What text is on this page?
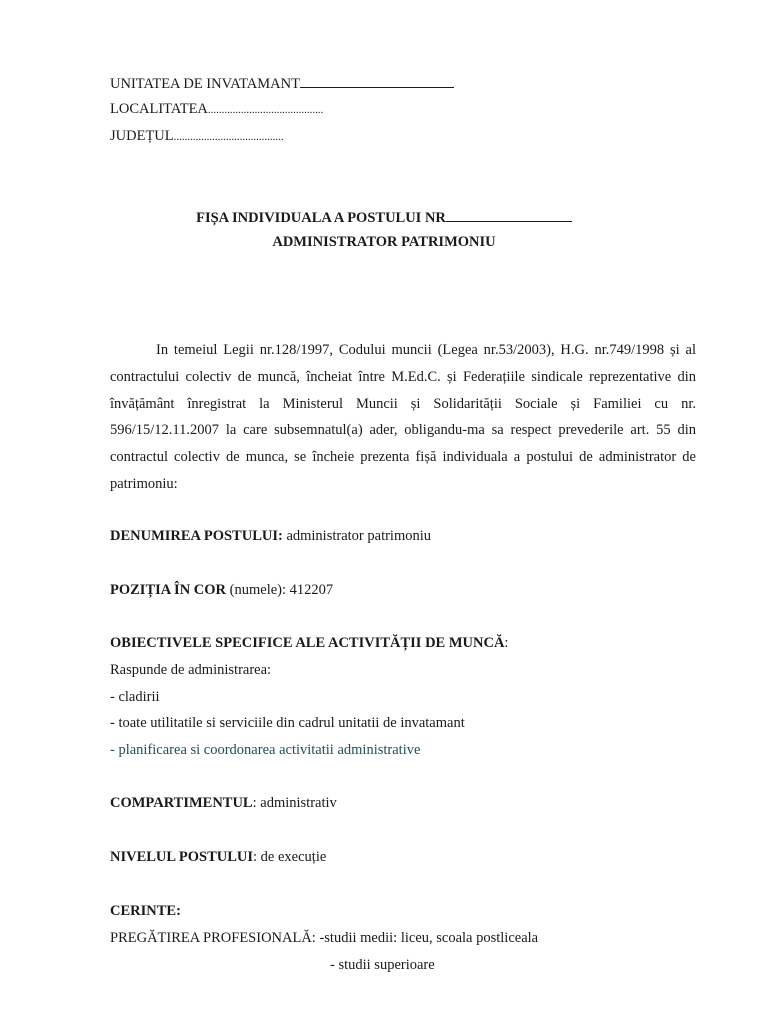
UNITATEA DE INVATAMANT
LOCALITATEA..........................................
JUDEȚUL........................................
FIȘA INDIVIDUALA A POSTULUI NR
ADMINISTRATOR PATRIMONIU
In temeiul Legii nr.128/1997, Codului muncii (Legea nr.53/2003), H.G. nr.749/1998 și al contractului colectiv de muncă, încheiat între M.Ed.C. și Federațiile sindicale reprezentative din învățământ înregistrat la Ministerul Muncii și Solidarității Sociale și Familiei cu nr. 596/15/12.11.2007 la care subsemnatul(a) ader, obligandu-ma sa respect prevederile art. 55 din contractul colectiv de munca, se încheie prezenta fișă individuala a postului de administrator de patrimoniu:
DENUMIREA POSTULUI: administrator patrimoniu
POZIȚIA ÎN COR (numele): 412207
OBIECTIVELE SPECIFICE ALE ACTIVITĂȚII DE MUNCĂ:
Raspunde de administrarea:
- cladirii
- toate utilitatile si serviciile din cadrul unitatii de invatamant
- planificarea si coordonarea activitatii administrative
COMPARTIMENTUL: administrativ
NIVELUL POSTULUI: de execuție
CERINTE:
PREGĂTIREA PROFESIONALĂ: -studii medii: liceu, scoala postliceala
- studii superioare
